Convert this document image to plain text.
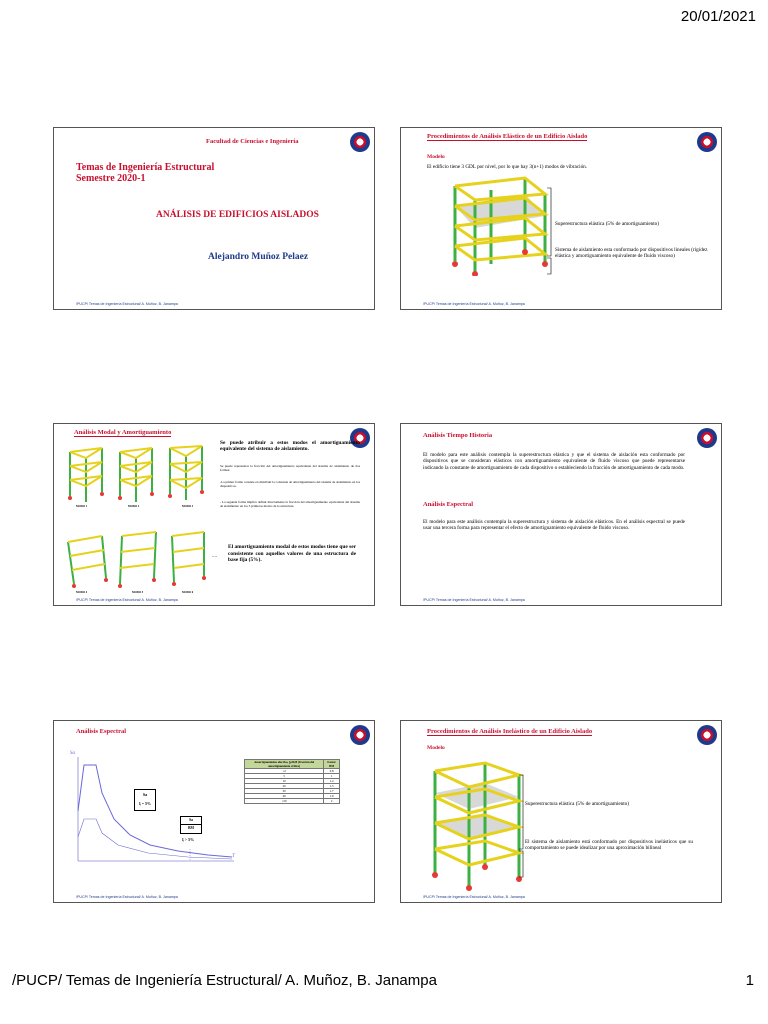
20/01/2021
Facultad de Ciencias e Ingeniería
Temas de Ingeniería Estructural
Semestre 2020-1
ANÁLISIS DE EDIFICIOS AISLADOS
Alejandro Muñoz Pelaez
/PUCP/ Temas de Ingeniería Estructural/ A. Muñoz, B. Janampa
Procedimientos de Análisis Elástico de un Edificio Aislado
Modelo
El edificio tiene 3 GDL por nivel, por lo que hay 3(n+1) modos de vibración.
Superestructura elástica (5% de amortiguamiento)
Sistema de aislamiento esta conformado por dispositivos lineales (rigidez elástica y amortiguamiento equivalente de fluido viscoso)
/PUCP/ Temas de Ingeniería Estructural/ A. Muñoz, B. Janampa
Análisis Modal y Amortiguamiento
MODO 1	MODO 2	MODO 3
MODO 4	MODO 5	MODO 6
Se puede atribuir a estos modos el amortiguamiento equivalente del sistema de aislamiento.
Se puede representar la fracción del amortiguamiento equivalente del sistema de aislamiento de dos formas:
-La primer forma consiste en distribuir la constante de amortiguamiento del sistema de aislamiento en los dispositivos.
- La segunda forma implica definir directamente la fracción del amortiguamiento equivalente del sistema de aislamiento en los 3 primeros modos de la estructura.
....
El amortiguamiento modal de estos modos tiene que ser consistente con aquellos valores de una estructura de base fija (5%).
/PUCP/ Temas de Ingeniería Estructural/ A. Muñoz, B. Janampa
Análisis Tiempo Historia
El modelo para este análisis contempla la superestructura elástica y que el sistema de aislación esta conformado por dispositivos que se consideran elásticos con amortiguamiento equivalente de fluido viscoso que puede representarse indicando la constante de amortiguamiento de cada dispositivo o estableciendo la fracción de amortiguamiento de cada modo.
Análisis Espectral
El modelo para este análisis contempla la superestructura y sistema de aislación elásticos. En el análisis espectral se puede usar una tercera forma para representar el efecto de amortiguamiento equivalente de fluido viscoso.
/PUCP/ Temas de Ingeniería Estructural/ A. Muñoz, B. Janampa
Análisis Espectral
Sa
T
Sa
ξ = 5%
$\frac{Sa}{BM}$
ξ > 5%
Amortiguamiento efectivo, ξeff,M (fracción del amortiguamiento crítico)	Factor BM
≤2	0.8
5	1
10	1.2
20	1.5
30	1.7
40	1.9
≥50	2
/PUCP/ Temas de Ingeniería Estructural/ A. Muñoz, B. Janampa
Procedimientos de Análisis Inelástico de un Edificio Aislado
Modelo
Superestructura elástica (5% de amortiguamiento)
El sistema de aislamiento está conformado por dispositivos inelásticos que su comportamiento se puede idealizar por una aproximación bilineal
/PUCP/ Temas de Ingeniería Estructural/ A. Muñoz, B. Janampa
/PUCP/ Temas de Ingeniería Estructural/ A. Muñoz, B. Janampa	1
